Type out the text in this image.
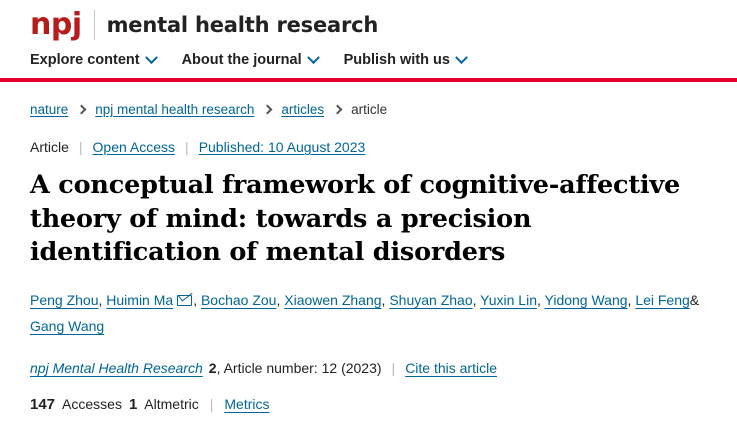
npj mental health research
Explore content	About the journal	Publish with us
nature npj mental health research articles article
Article | Open Access | Published: 10 August 2023
A conceptual framework of cognitive-affective theory of mind: towards a precision identification of mental disorders
Peng Zhou, Huimin Ma , Bochao Zou, Xiaowen Zhang, Shuyan Zhao, Yuxin Lin, Yidong Wang, Lei Feng&
Gang Wang
npj Mental Health Research 2 , Article number: 12 (2023) | Cite this article
147 Accesses 1 Altmetric | Metrics
